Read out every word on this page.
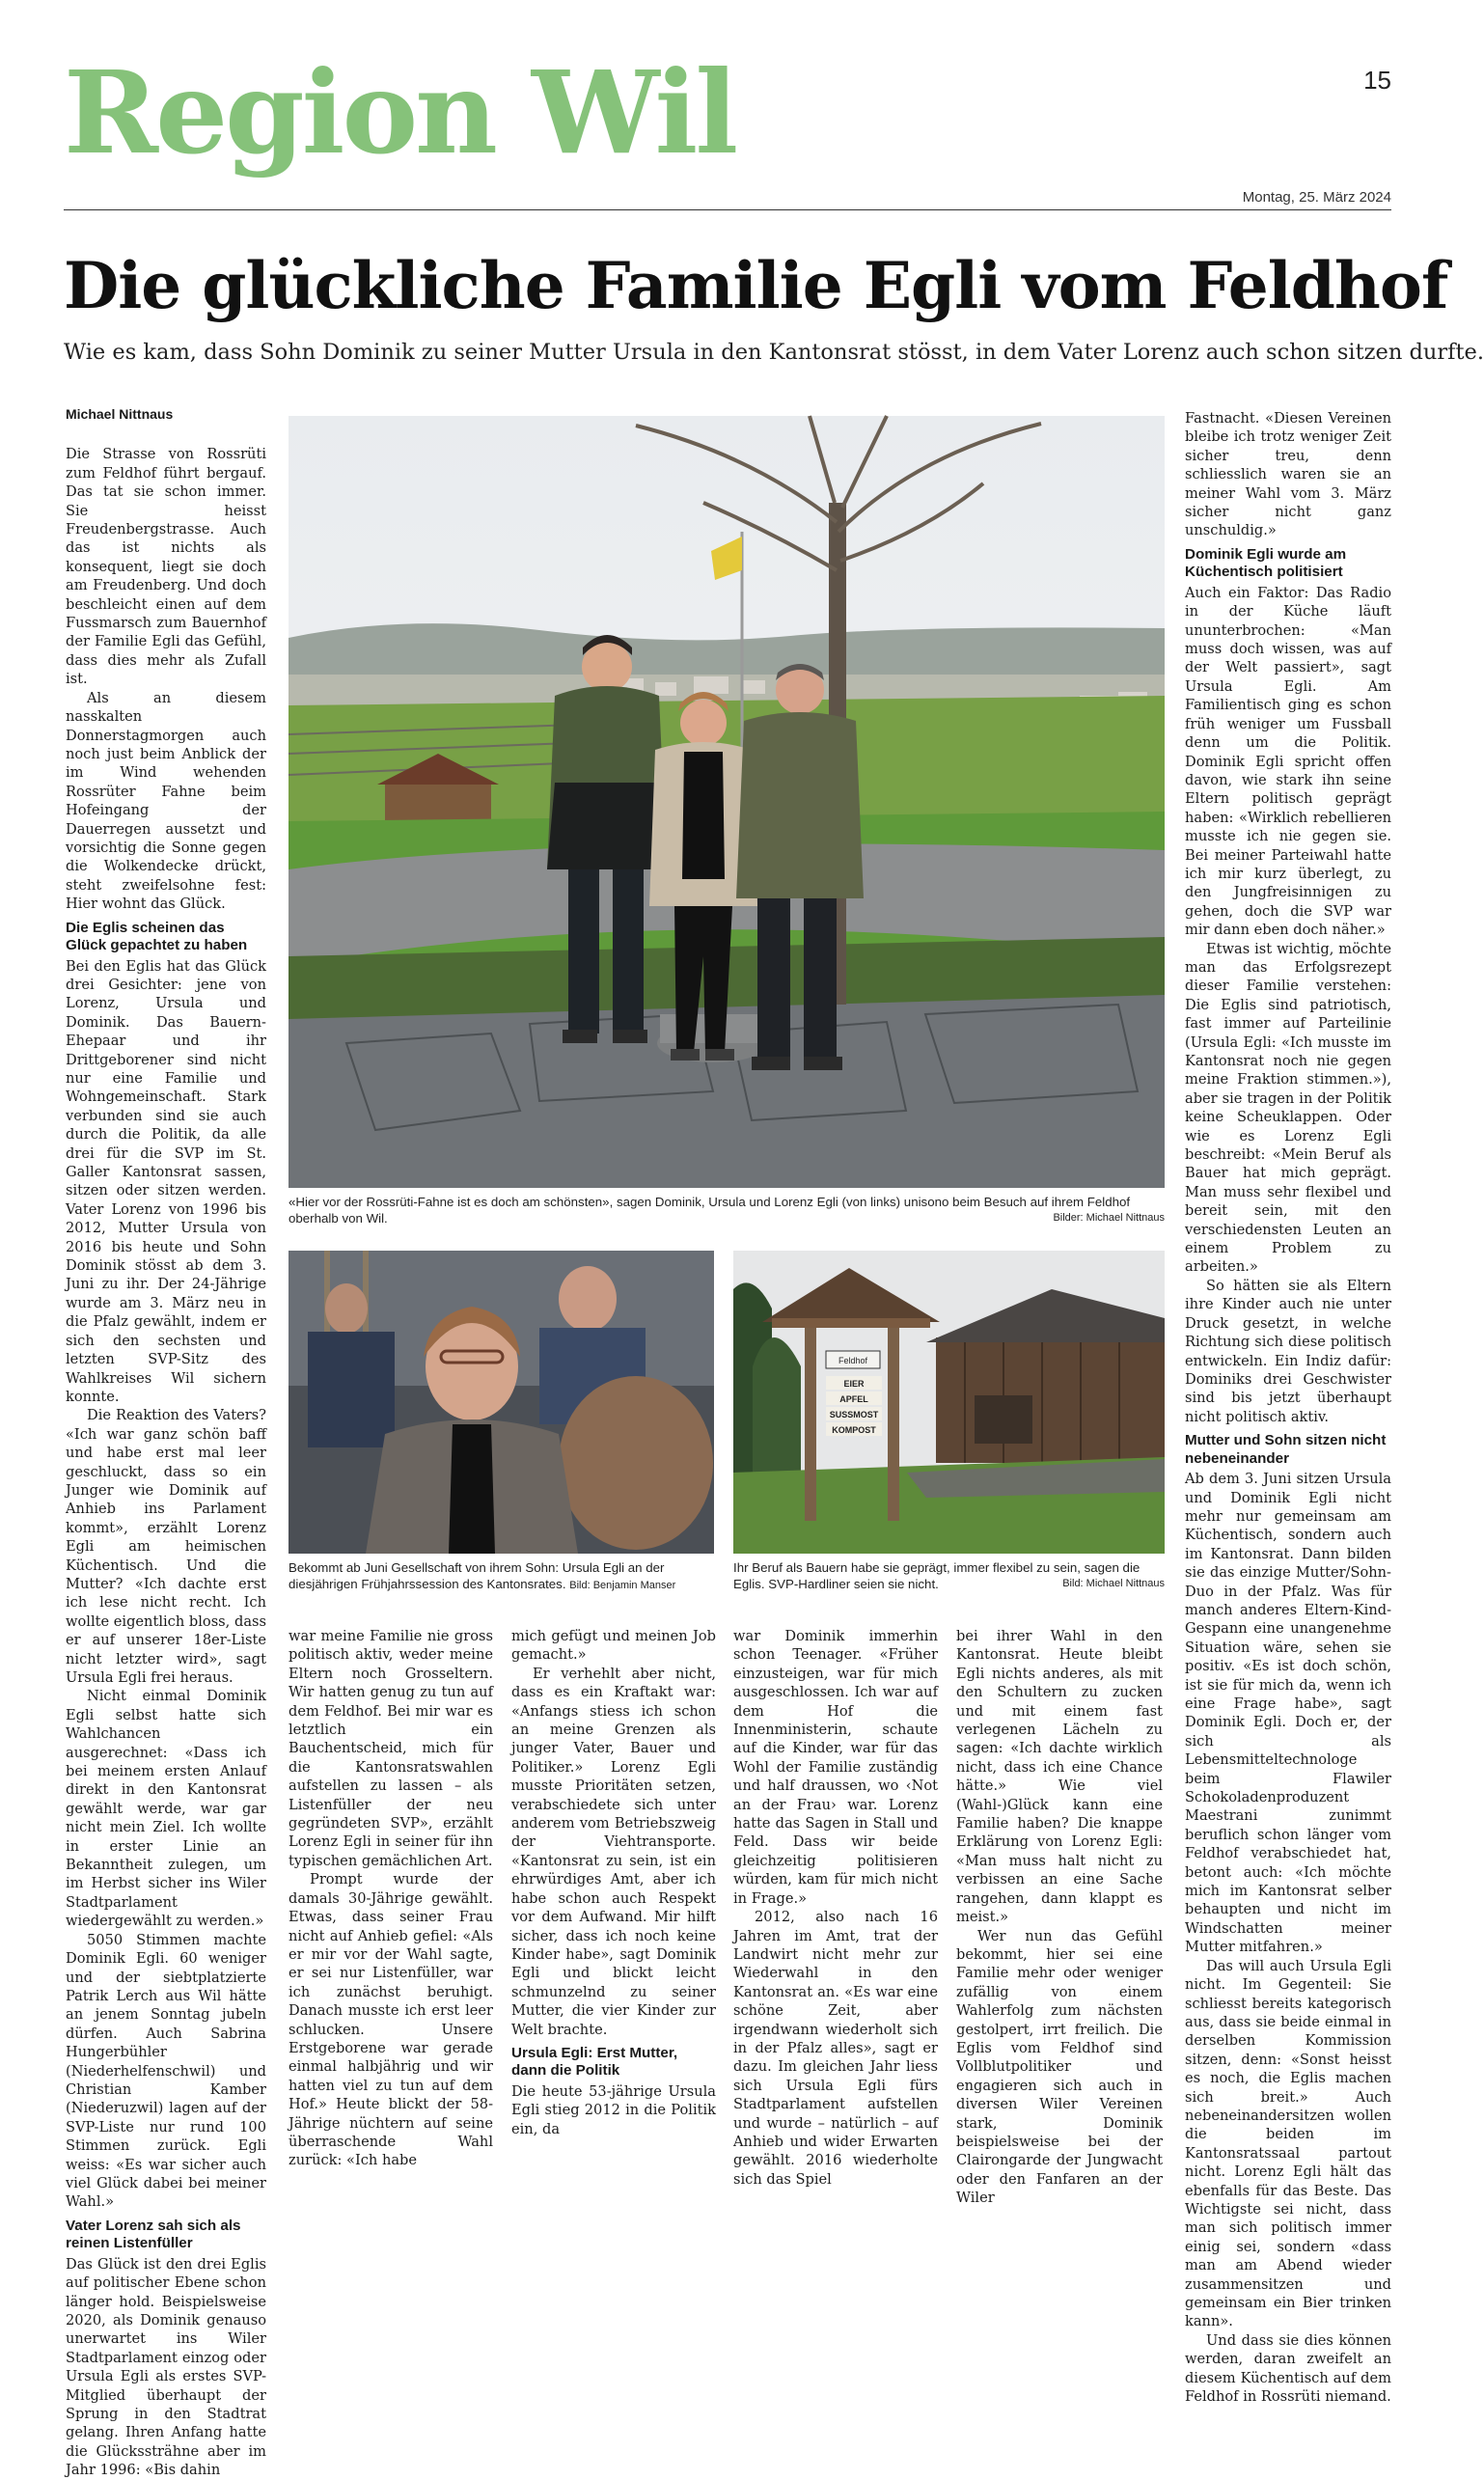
Region Wil	15
Montag, 25. März 2024
Die glückliche Familie Egli vom Feldhof
Wie es kam, dass Sohn Dominik zu seiner Mutter Ursula in den Kantonsrat stösst, in dem Vater Lorenz auch schon sitzen durfte.

Michael Nittnaus

Die Strasse von Rossrüti zum Feldhof führt bergauf. Das tat sie schon immer. Sie heisst Freudenbergstrasse. Auch das ist nichts als konsequent, liegt sie doch am Freudenberg. Und doch beschleicht einen auf dem Fussmarsch zum Bauernhof der Familie Egli das Gefühl, dass dies mehr als Zufall ist.

Als an diesem nasskalten Donnerstagmorgen auch noch just beim Anblick der im Wind wehenden Rossrüter Fahne beim Hofeingang der Dauerregen aussetzt und vorsichtig die Sonne gegen die Wolkendecke drückt, steht zweifelsohne fest: Hier wohnt das Glück.

Die Eglis scheinen das Glück gepachtet zu haben

Bei den Eglis hat das Glück drei Gesichter: jene von Lorenz, Ursula und Dominik. Das Bauern-Ehepaar und ihr Drittgeborener sind nicht nur eine Familie und Wohngemeinschaft. Stark verbunden sind sie auch durch die Politik, da alle drei für die SVP im St. Galler Kantonsrat sassen, sitzen oder sitzen werden. Vater Lorenz von 1996 bis 2012, Mutter Ursula von 2016 bis heute und Sohn Dominik stösst ab dem 3. Juni zu ihr. Der 24-Jährige wurde am 3. März neu in die Pfalz gewählt, indem er sich den sechsten und letzten SVP-Sitz des Wahlkreises Wil sichern konnte.

Die Reaktion des Vaters? «Ich war ganz schön baff und habe erst mal leer geschluckt, dass so ein Junger wie Dominik auf Anhieb ins Parlament kommt», erzählt Lorenz Egli am heimischen Küchentisch. Und die Mutter? «Ich dachte erst ich lese nicht recht. Ich wollte eigentlich bloss, dass er auf unserer 18er-Liste nicht letzter wird», sagt Ursula Egli frei heraus.

Nicht einmal Dominik Egli selbst hatte sich Wahlchancen ausgerechnet: «Dass ich bei meinem ersten Anlauf direkt in den Kantonsrat gewählt werde, war gar nicht mein Ziel. Ich wollte in erster Linie an Bekanntheit zulegen, um im Herbst sicher ins Wiler Stadtparlament wiedergewählt zu werden.»

5050 Stimmen machte Dominik Egli. 60 weniger und der siebtplatzierte Patrik Lerch aus Wil hätte an jenem Sonntag jubeln dürfen. Auch Sabrina Hungerbühler (Niederhelfenschwil) und Christian Kamber (Niederuzwil) lagen auf der SVP-Liste nur rund 100 Stimmen zurück. Egli weiss: «Es war sicher auch viel Glück dabei bei meiner Wahl.»

Vater Lorenz sah sich als reinen Listenfüller

Das Glück ist den drei Eglis auf politischer Ebene schon länger hold. Beispielsweise 2020, als Dominik genauso unerwartet ins Wiler Stadtparlament einzog oder Ursula Egli als erstes SVP-Mitglied überhaupt der Sprung in den Stadtrat gelang. Ihren Anfang hatte die Glückssträhne aber im Jahr 1996: «Bis dahin

Bilder: Michael Nittnaus
«Hier vor der Rossrüti-Fahne ist es doch am schönsten», sagen Dominik, Ursula und Lorenz Egli (von links) unisono beim Besuch auf ihrem Feldhof oberhalb von Wil.
Bekommt ab Juni Gesellschaft von ihrem Sohn: Ursula Egli an der diesjährigen Frühjahrssession des Kantonsrates. Bild: Benjamin Manser
Feldhof
EIER
APFEL
SUSSMOST
KOMPOST
Bild: Michael Nittnaus
Ihr Beruf als Bauern habe sie geprägt, immer flexibel zu sein, sagen die Eglis. SVP-Hardliner seien sie nicht.

war meine Familie nie gross politisch aktiv, weder meine Eltern noch Grosseltern. Wir hatten genug zu tun auf dem Feldhof. Bei mir war es letztlich ein Bauchentscheid, mich für die Kantonsratswahlen aufstellen zu lassen – als Listenfüller der neu gegründeten SVP», erzählt Lorenz Egli in seiner für ihn typischen gemächlichen Art.

Prompt wurde der damals 30-Jährige gewählt. Etwas, dass seiner Frau nicht auf Anhieb gefiel: «Als er mir vor der Wahl sagte, er sei nur Listenfüller, war ich zunächst beruhigt. Danach musste ich erst leer schlucken. Unsere Erstgeborene war gerade einmal halbjährig und wir hatten viel zu tun auf dem Hof.» Heute blickt der 58-Jährige nüchtern auf seine überraschende Wahl zurück: «Ich habe

mich gefügt und meinen Job gemacht.»

Er verhehlt aber nicht, dass es ein Kraftakt war: «Anfangs stiess ich schon an meine Grenzen als junger Vater, Bauer und Politiker.» Lorenz Egli musste Prioritäten setzen, verabschiedete sich unter anderem vom Betriebszweig der Viehtransporte. «Kantonsrat zu sein, ist ein ehrwürdiges Amt, aber ich habe schon auch Respekt vor dem Aufwand. Mir hilft sicher, dass ich noch keine Kinder habe», sagt Dominik Egli und blickt leicht schmunzelnd zu seiner Mutter, die vier Kinder zur Welt brachte.

Ursula Egli: Erst Mutter, dann die Politik

Die heute 53-jährige Ursula Egli stieg 2012 in die Politik ein, da

war Dominik immerhin schon Teenager. «Früher einzusteigen, war für mich ausgeschlossen. Ich war auf dem Hof die Innenministerin, schaute auf die Kinder, war für das Wohl der Familie zuständig und half draussen, wo ‹Not an der Frau› war. Lorenz hatte das Sagen in Stall und Feld. Dass wir beide gleichzeitig politisieren würden, kam für mich nicht in Frage.»

2012, also nach 16 Jahren im Amt, trat der Landwirt nicht mehr zur Wiederwahl in den Kantonsrat an. «Es war eine schöne Zeit, aber irgendwann wiederholt sich in der Pfalz alles», sagt er dazu. Im gleichen Jahr liess sich Ursula Egli fürs Stadtparlament aufstellen und wurde – natürlich – auf Anhieb und wider Erwarten gewählt. 2016 wiederholte sich das Spiel

bei ihrer Wahl in den Kantonsrat. Heute bleibt Egli nichts anderes, als mit den Schultern zu zucken und mit einem fast verlegenen Lächeln zu sagen: «Ich dachte wirklich nicht, dass ich eine Chance hätte.» Wie viel (Wahl-)Glück kann eine Familie haben? Die knappe Erklärung von Lorenz Egli: «Man muss halt nicht zu verbissen an eine Sache rangehen, dann klappt es meist.»

Wer nun das Gefühl bekommt, hier sei eine Familie mehr oder weniger zufällig von einem Wahlerfolg zum nächsten gestolpert, irrt freilich. Die Eglis vom Feldhof sind Vollblutpolitiker und engagieren sich auch in diversen Wiler Vereinen stark, Dominik beispielsweise bei der Clairongarde der Jungwacht oder den Fanfaren an der Wiler

Fastnacht. «Diesen Vereinen bleibe ich trotz weniger Zeit sicher treu, denn schliesslich waren sie an meiner Wahl vom 3. März sicher nicht ganz unschuldig.»

Dominik Egli wurde am Küchentisch politisiert

Auch ein Faktor: Das Radio in der Küche läuft ununterbrochen: «Man muss doch wissen, was auf der Welt passiert», sagt Ursula Egli. Am Familientisch ging es schon früh weniger um Fussball denn um die Politik. Dominik Egli spricht offen davon, wie stark ihn seine Eltern politisch geprägt haben: «Wirklich rebellieren musste ich nie gegen sie. Bei meiner Parteiwahl hatte ich mir kurz überlegt, zu den Jungfreisinnigen zu gehen, doch die SVP war mir dann eben doch näher.»

Etwas ist wichtig, möchte man das Erfolgsrezept dieser Familie verstehen: Die Eglis sind patriotisch, fast immer auf Parteilinie (Ursula Egli: «Ich musste im Kantonsrat noch nie gegen meine Fraktion stimmen.»), aber sie tragen in der Politik keine Scheuklappen. Oder wie es Lorenz Egli beschreibt: «Mein Beruf als Bauer hat mich geprägt. Man muss sehr flexibel und bereit sein, mit den verschiedensten Leuten an einem Problem zu arbeiten.»

So hätten sie als Eltern ihre Kinder auch nie unter Druck gesetzt, in welche Richtung sich diese politisch entwickeln. Ein Indiz dafür: Dominiks drei Geschwister sind bis jetzt überhaupt nicht politisch aktiv.

Mutter und Sohn sitzen nicht nebeneinander

Ab dem 3. Juni sitzen Ursula und Dominik Egli nicht mehr nur gemeinsam am Küchentisch, sondern auch im Kantonsrat. Dann bilden sie das einzige Mutter/Sohn-Duo in der Pfalz. Was für manch anderes Eltern-Kind-Gespann eine unangenehme Situation wäre, sehen sie positiv. «Es ist doch schön, ist sie für mich da, wenn ich eine Frage habe», sagt Dominik Egli. Doch er, der sich als Lebensmitteltechnologe beim Flawiler Schokoladenproduzent Maestrani zunimmt beruflich schon länger vom Feldhof verabschiedet hat, betont auch: «Ich möchte mich im Kantonsrat selber behaupten und nicht im Windschatten meiner Mutter mitfahren.»

Das will auch Ursula Egli nicht. Im Gegenteil: Sie schliesst bereits kategorisch aus, dass sie beide einmal in derselben Kommission sitzen, denn: «Sonst heisst es noch, die Eglis machen sich breit.» Auch nebeneinandersitzen wollen die beiden im Kantonsratssaal partout nicht. Lorenz Egli hält das ebenfalls für das Beste. Das Wichtigste sei nicht, dass man sich politisch immer einig sei, sondern «dass man am Abend wieder zusammensitzen und gemeinsam ein Bier trinken kann».

Und dass sie dies können werden, daran zweifelt an diesem Küchentisch auf dem Feldhof in Rossrüti niemand.
